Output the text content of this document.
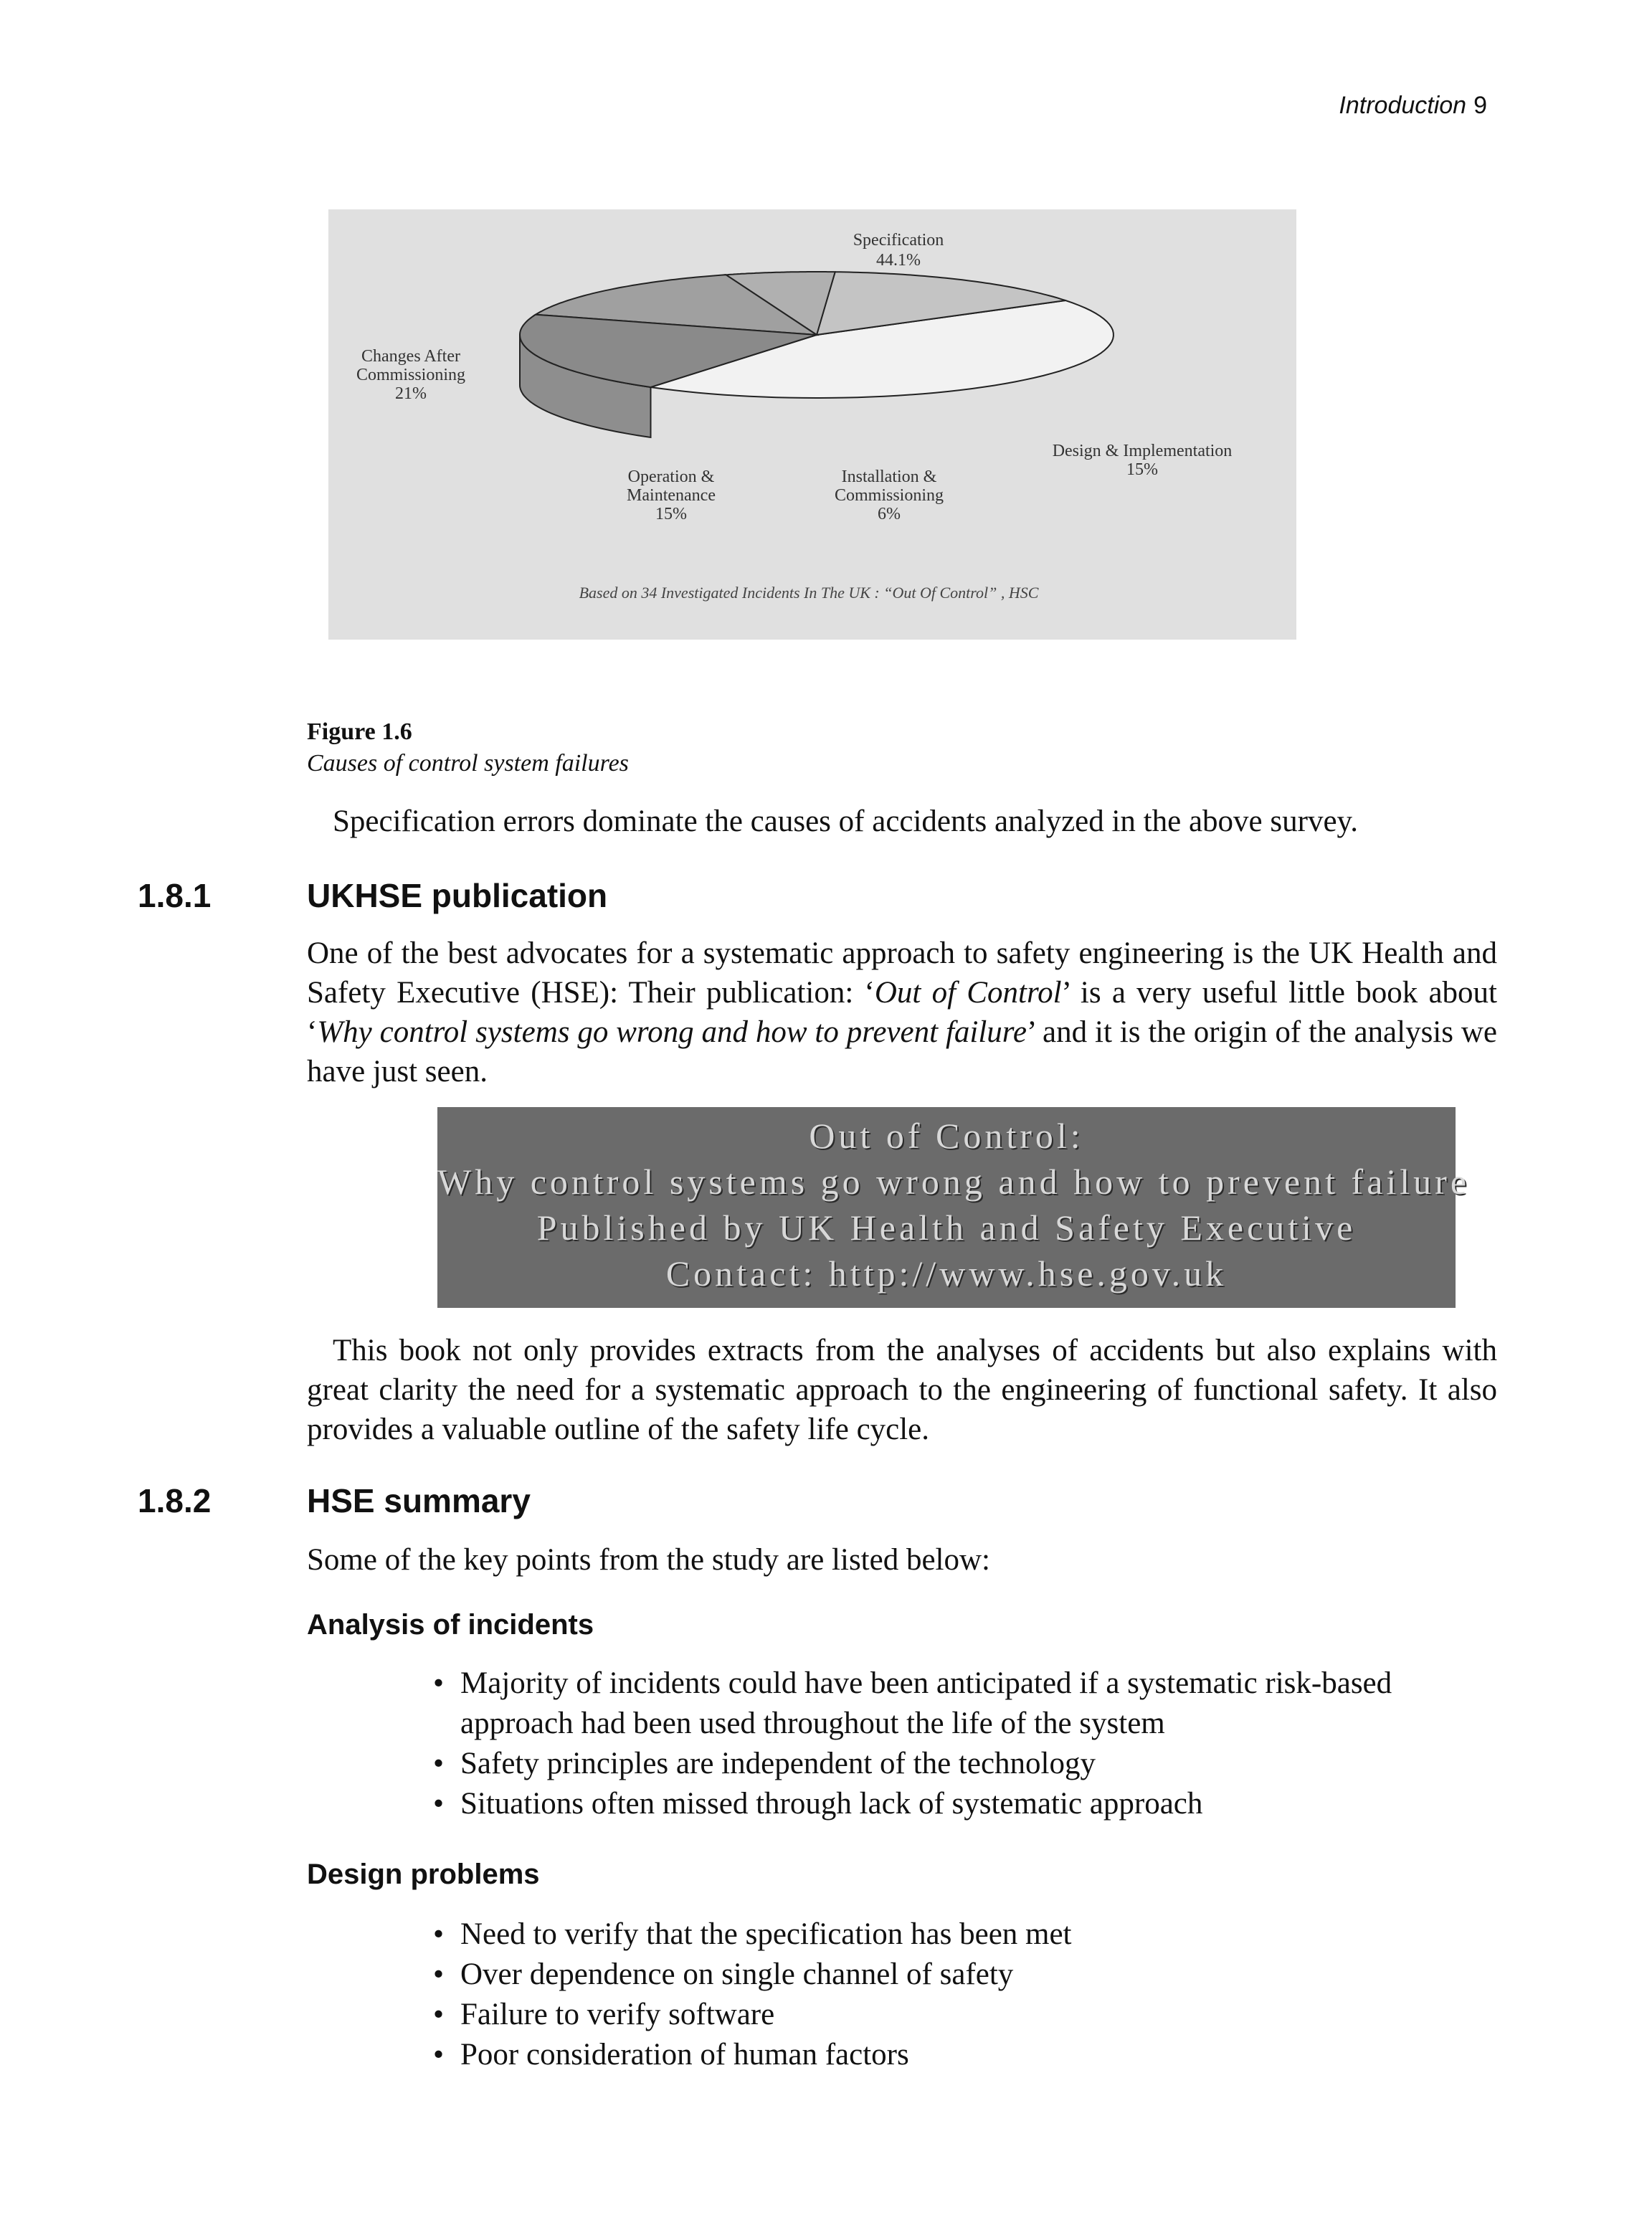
Introduction 9
Specification
44.1%
Design & Implementation
15%
Installation &
Commissioning
6%
Operation &
Maintenance
15%
Changes After
Commissioning
21%
Based on 34 Investigated Incidents In The UK : “Out Of Control” , HSC
Figure 1.6
Causes of control system failures
Specification errors dominate the causes of accidents analyzed in the above survey.
1.8.1	UKHSE publication
One of the best advocates for a systematic approach to safety engineering is the UK Health and Safety Executive (HSE): Their publication: ‘Out of Control’ is a very useful little book about ‘Why control systems go wrong and how to prevent failure’ and it is the origin of the analysis we have just seen.
Out of Control:
Why control systems go wrong and how to prevent failure
Published by UK Health and Safety Executive
Contact: http://www.hse.gov.uk
This book not only provides extracts from the analyses of accidents but also explains with great clarity the need for a systematic approach to the engineering of functional safety. It also provides a valuable outline of the safety life cycle.
1.8.2	HSE summary
Some of the key points from the study are listed below:
Analysis of incidents
• Majority of incidents could have been anticipated if a systematic risk-based approach had been used throughout the life of the system
• Safety principles are independent of the technology
• Situations often missed through lack of systematic approach
Design problems
• Need to verify that the specification has been met
• Over dependence on single channel of safety
• Failure to verify software
• Poor consideration of human factors
